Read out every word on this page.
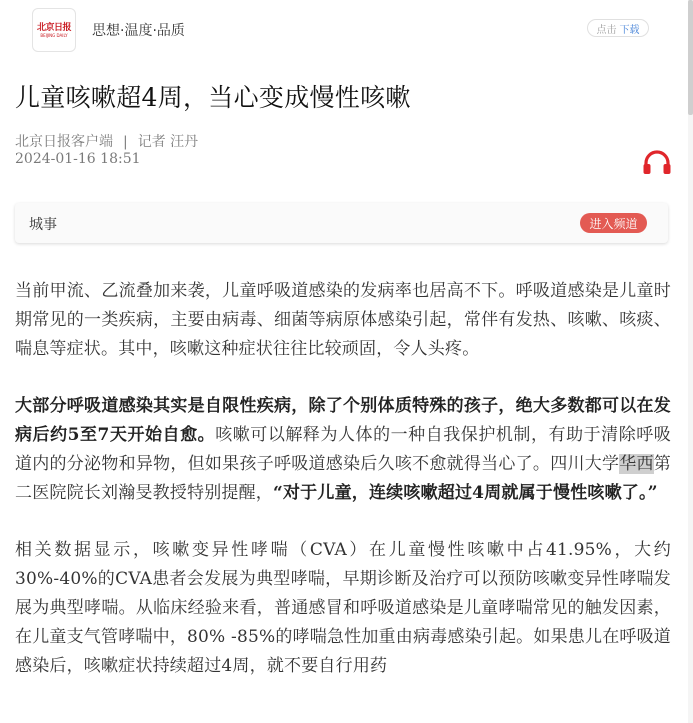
北京日报
BEIJING DAILY 思想·温度·品质	点击 下载
儿童咳嗽超4周，当心变成慢性咳嗽
北京日报客户端 | 记者 汪丹
2024-01-16 18:51
城事	进入频道

当前甲流、乙流叠加来袭，儿童呼吸道感染的发病率也居高不下。呼吸道感染是儿童时期常见的一类疾病，主要由病毒、细菌等病原体感染引起，常伴有发热、咳嗽、咳痰、喘息等症状。其中，咳嗽这种症状往往比较顽固，令人头疼。

大部分呼吸道感染其实是自限性疾病，除了个别体质特殊的孩子，绝大多数都可以在发病后约5至7天开始自愈。咳嗽可以解释为人体的一种自我保护机制，有助于清除呼吸道内的分泌物和异物，但如果孩子呼吸道感染后久咳不愈就得当心了。四川大学华西第二医院院长刘瀚旻教授特别提醒，“对于儿童，连续咳嗽超过4周就属于慢性咳嗽了。”

相关数据显示，咳嗽变异性哮喘（CVA）在儿童慢性咳嗽中占41.95%，大约30%-40%的CVA患者会发展为典型哮喘，早期诊断及治疗可以预防咳嗽变异性哮喘发展为典型哮喘。从临床经验来看，普通感冒和呼吸道感染是儿童哮喘常见的触发因素，在儿童支气管哮喘中，80% -85%的哮喘急性加重由病毒感染引起。如果患儿在呼吸道感染后，咳嗽症状持续超过4周，就不要自行用药
